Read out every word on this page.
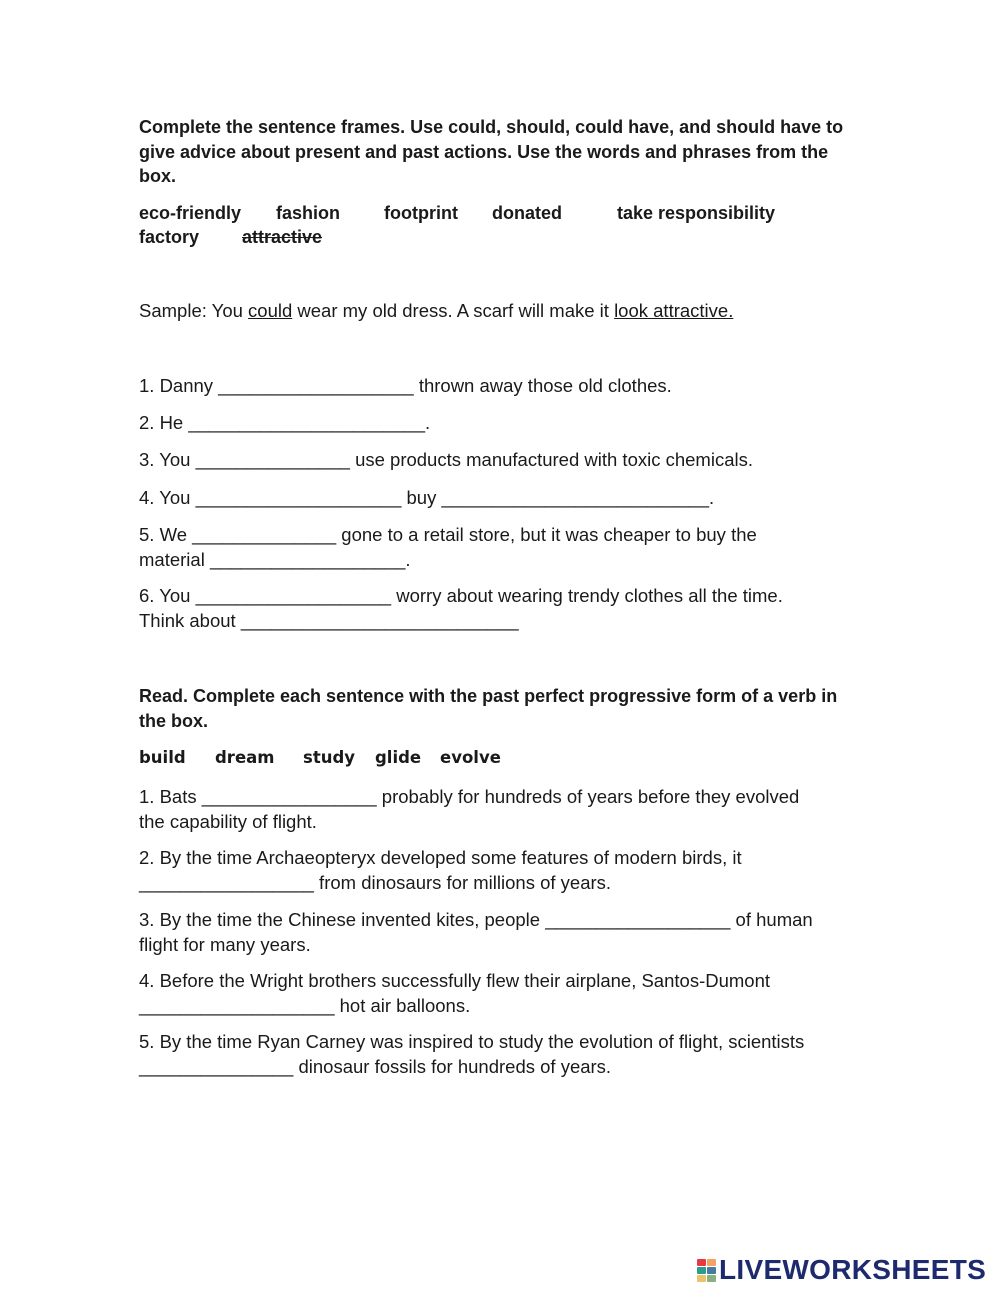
Complete the sentence frames. Use could, should, could have, and should have to give advice about present and past actions. Use the words and phrases from the box.

eco-friendly fashion footprint donated	take responsibility
factory attractive

Sample: You could wear my old dress. A scarf will make it look attractive.

1. Danny ___________________ thrown away those old clothes.

2. He _______________________.

3. You _______________ use products manufactured with toxic chemicals.

4. You ____________________ buy __________________________.

5. We ______________ gone to a retail store, but it was cheaper to buy the
material ___________________.
6. You ___________________ worry about wearing trendy clothes all the time.
Think about ___________________________

Read. Complete each sentence with the past perfect progressive form of a verb in the box.

build dream study glide evolve
1. Bats _________________ probably for hundreds of years before they evolved
the capability of flight.
2. By the time Archaeopteryx developed some features of modern birds, it
_________________ from dinosaurs for millions of years.
3. By the time the Chinese invented kites, people __________________ of human
flight for many years.
4. Before the Wright brothers successfully flew their airplane, Santos-Dumont
___________________ hot air balloons.
5. By the time Ryan Carney was inspired to study the evolution of flight, scientists
_______________ dinosaur fossils for hundreds of years.
LIVEWORKSHEETS
